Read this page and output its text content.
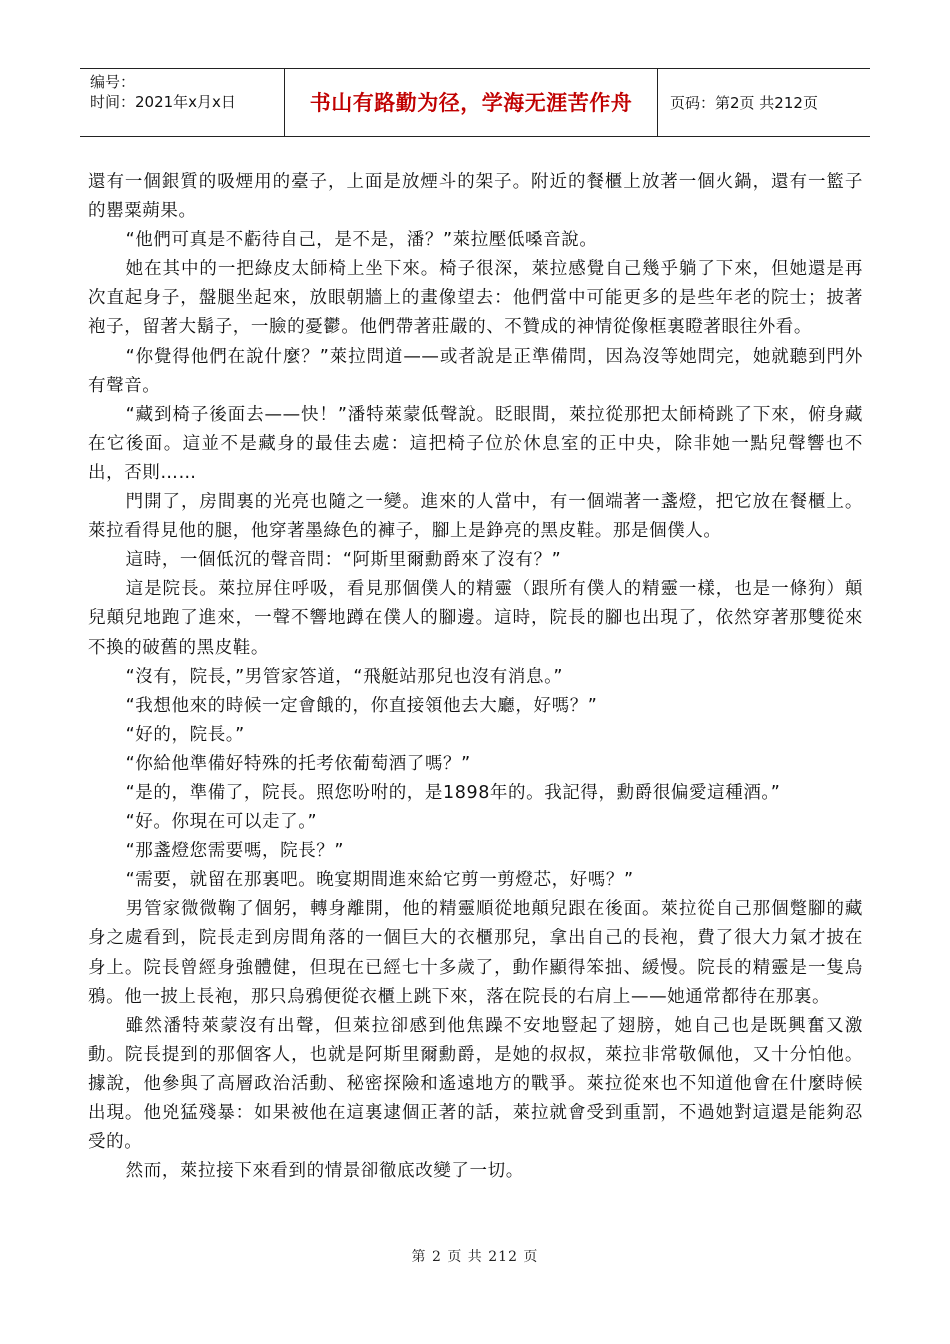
编号：
时间：2021年x月x日	书山有路勤为径，学海无涯苦作舟	页码：第2页 共212页

還有一個銀質的吸煙用的臺子，上面是放煙斗的架子。附近的餐櫃上放著一個火鍋，還有一籃子的罌粟蒴果。

“他們可真是不虧待自己，是不是，潘？”萊拉壓低嗓音說。

她在其中的一把綠皮太師椅上坐下來。椅子很深，萊拉感覺自己幾乎躺了下來，但她還是再次直起身子，盤腿坐起來，放眼朝牆上的畫像望去：他們當中可能更多的是些年老的院士；披著袍子，留著大鬍子，一臉的憂鬱。他們帶著莊嚴的、不贊成的神情從像框裏瞪著眼往外看。

“你覺得他們在說什麼？”萊拉問道——或者說是正準備問，因為沒等她問完，她就聽到門外有聲音。

“藏到椅子後面去——快！”潘特萊蒙低聲說。眨眼間，萊拉從那把太師椅跳了下來，俯身藏在它後面。這並不是藏身的最佳去處：這把椅子位於休息室的正中央，除非她一點兒聲響也不出，否則……

門開了，房間裏的光亮也隨之一變。進來的人當中，有一個端著一盞燈，把它放在餐櫃上。萊拉看得見他的腿，他穿著墨綠色的褲子，腳上是錚亮的黑皮鞋。那是個僕人。

這時，一個低沉的聲音問：“阿斯里爾勳爵來了沒有？”

這是院長。萊拉屏住呼吸，看見那個僕人的精靈（跟所有僕人的精靈一樣，也是一條狗）顛兒顛兒地跑了進來，一聲不響地蹲在僕人的腳邊。這時，院長的腳也出現了，依然穿著那雙從來不換的破舊的黑皮鞋。

“沒有，院長，”男管家答道，“飛艇站那兒也沒有消息。”

“我想他來的時候一定會餓的，你直接領他去大廳，好嗎？”

“好的，院長。”

“你給他準備好特殊的托考依葡萄酒了嗎？”

“是的，準備了，院長。照您吩咐的，是1898年的。我記得，勳爵很偏愛這種酒。”

“好。你現在可以走了。”

“那盞燈您需要嗎，院長？”

“需要，就留在那裏吧。晚宴期間進來給它剪一剪燈芯，好嗎？”

男管家微微鞠了個躬，轉身離開，他的精靈順從地顛兒跟在後面。萊拉從自己那個蹩腳的藏身之處看到，院長走到房間角落的一個巨大的衣櫃那兒，拿出自己的長袍，費了很大力氣才披在身上。院長曾經身強體健，但現在已經七十多歲了，動作顯得笨拙、緩慢。院長的精靈是一隻烏鴉。他一披上長袍，那只烏鴉便從衣櫃上跳下來，落在院長的右肩上——她通常都待在那裏。

雖然潘特萊蒙沒有出聲，但萊拉卻感到他焦躁不安地豎起了翅膀，她自己也是既興奮又激動。院長提到的那個客人，也就是阿斯里爾勳爵，是她的叔叔，萊拉非常敬佩他，又十分怕他。據說，他參與了高層政治活動、秘密探險和遙遠地方的戰爭。萊拉從來也不知道他會在什麼時候出現。他兇猛殘暴：如果被他在這裏逮個正著的話，萊拉就會受到重罰，不過她對這還是能夠忍受的。

然而，萊拉接下來看到的情景卻徹底改變了一切。

第 2 页 共 212 页
